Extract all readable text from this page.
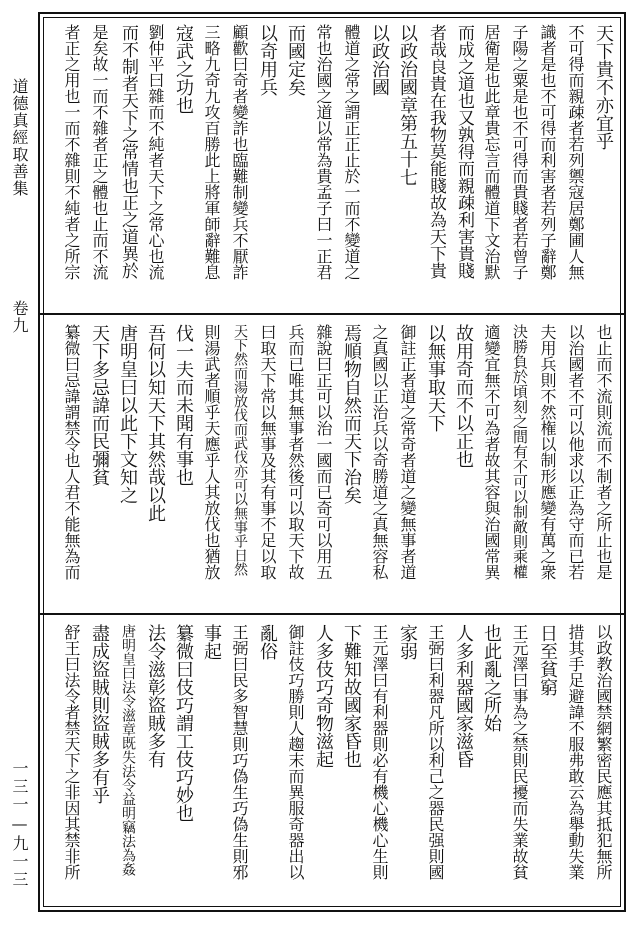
道德真經取善集
卷九
一三一—九一三
天下貴不亦宜乎
不可得而親疎者若列禦寇居鄭圃人無
識者是也不可得而利害者若列子辭鄭
子陽之粟是也不可得而貴賤者若曾子
居衛是也此章貴忘言而體道下文治默
而成之道也又孰得而親疎利害貴賤
者哉良貴在我物莫能賤故為天下貴
以政治國章第五十七
以政治國
體道之常之謂正正止於一而不變道之
常也治國之道以常為貴孟子曰一正君
而國定矣
以奇用兵
顧歡曰奇者變詐也臨難制變兵不厭詐
三略九奇九攻百勝此上將軍師辭難息
寇武之功也
劉仲平曰雜而不純者天下之常心也流
而不制者天下之常情也正之道異於
是矣故一而不雜者正之體也止而不流
者正之用也一而不雜則不純者之所宗
也止而不流則流而不制者之所止也是
以治國者不可以他求以正為守而已若
夫用兵則不然権以制形應變有萬之衆
決勝負於頃刻之間有不可以制敵則乘權
適變宜無不可為者故其容與治國常異
故用奇而不以正也
以無事取天下
御註正者道之常奇者道之變無事者道
之真國以正治兵以奇勝道之真無容私
焉順物自然而天下治矣
雜說曰正可以治一國而已奇可以用五
兵而已唯其無事者然後可以取天下故
曰取天下常以無事及其有事不足以取
天下然而湯放伐而武伐亦可以無事乎日然
則湯武者順乎天應乎人其放伐也猶放
伐一夫而未聞有事也
吾何以知天下其然哉以此
唐明皇曰以此下文知之
天下多忌諱而民彌貧
纂微曰忌諱謂禁令也人君不能無為而
以政教治國禁網繁密民應其抵犯無所
措其手足避諱不服弗敢云為舉動失業
日至貧窮
王元澤曰事為之禁則民擾而失業故貧
也此亂之所始
人多利器國家滋昏
王弼曰利器凡所以利己之器民强則國
家弱
王元澤曰有利器則必有機心機心生則
下難知故國家昏也
人多伎巧奇物滋起
御註伎巧勝則人趨末而異服奇器出以
亂俗
王弼曰民多智慧則巧偽生巧偽生則邪
事起
纂微曰伎巧謂工伎巧妙也
法令滋彰盜賊多有
唐明皇曰法令滋章既失法令益明竊法為姦
盡成盜賊則盜賊多有乎
舒王曰法令者禁天下之非因其禁非所
